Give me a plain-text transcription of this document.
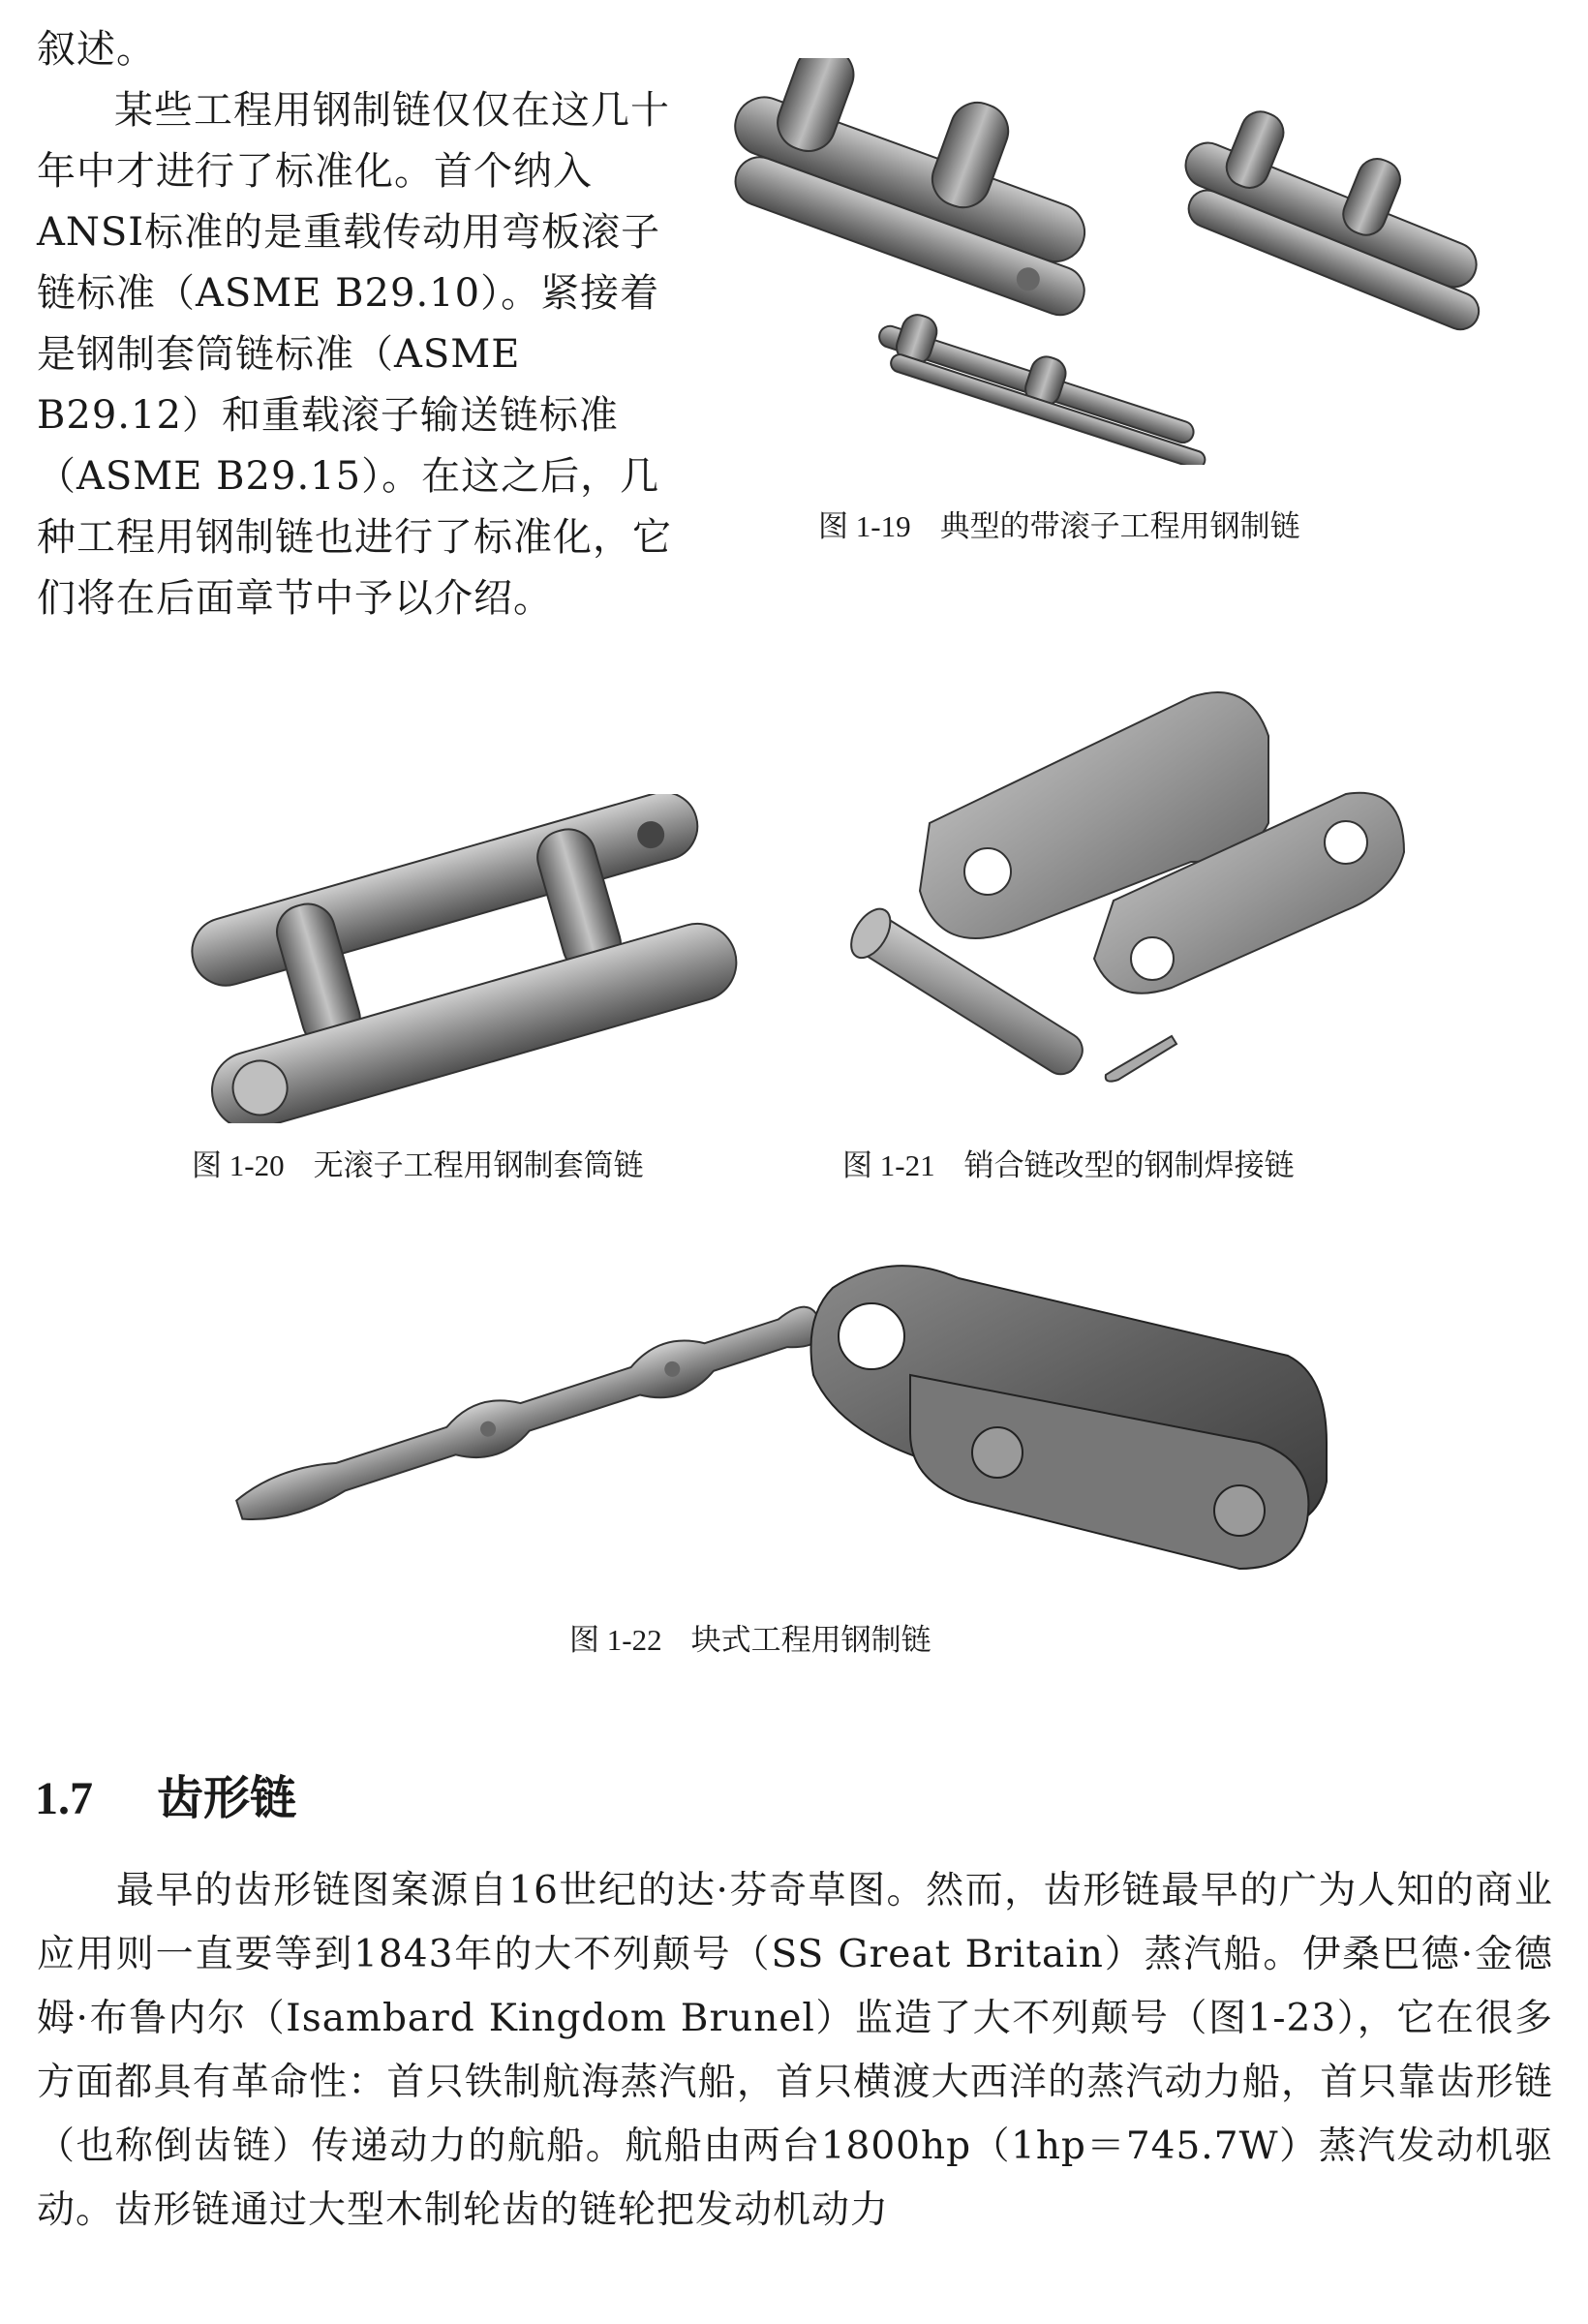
叙述。

某些工程用钢制链仅仅在这几十年中才进行了标准化。首个纳入ANSI标准的是重载传动用弯板滚子链标准（ASME B29.10）。紧接着是钢制套筒链标准（ASME B29.12）和重载滚子输送链标准（ASME B29.15）。在这之后，几种工程用钢制链也进行了标准化，它们将在后面章节中予以介绍。

图 1-19 典型的带滚子工程用钢制链
图 1-20 无滚子工程用钢制套筒链	图 1-21 销合链改型的钢制焊接链
图 1-22 块式工程用钢制链
1.7 齿形链

最早的齿形链图案源自16世纪的达·芬奇草图。然而，齿形链最早的广为人知的商业应用则一直要等到1843年的大不列颠号（SS Great Britain）蒸汽船。伊桑巴德·金德姆·布鲁内尔（Isambard Kingdom Brunel）监造了大不列颠号（图1-23），它在很多方面都具有革命性：首只铁制航海蒸汽船，首只横渡大西洋的蒸汽动力船，首只靠齿形链（也称倒齿链）传递动力的航船。航船由两台1800hp（1hp＝745.7W）蒸汽发动机驱动。齿形链通过大型木制轮齿的链轮把发动机动力
